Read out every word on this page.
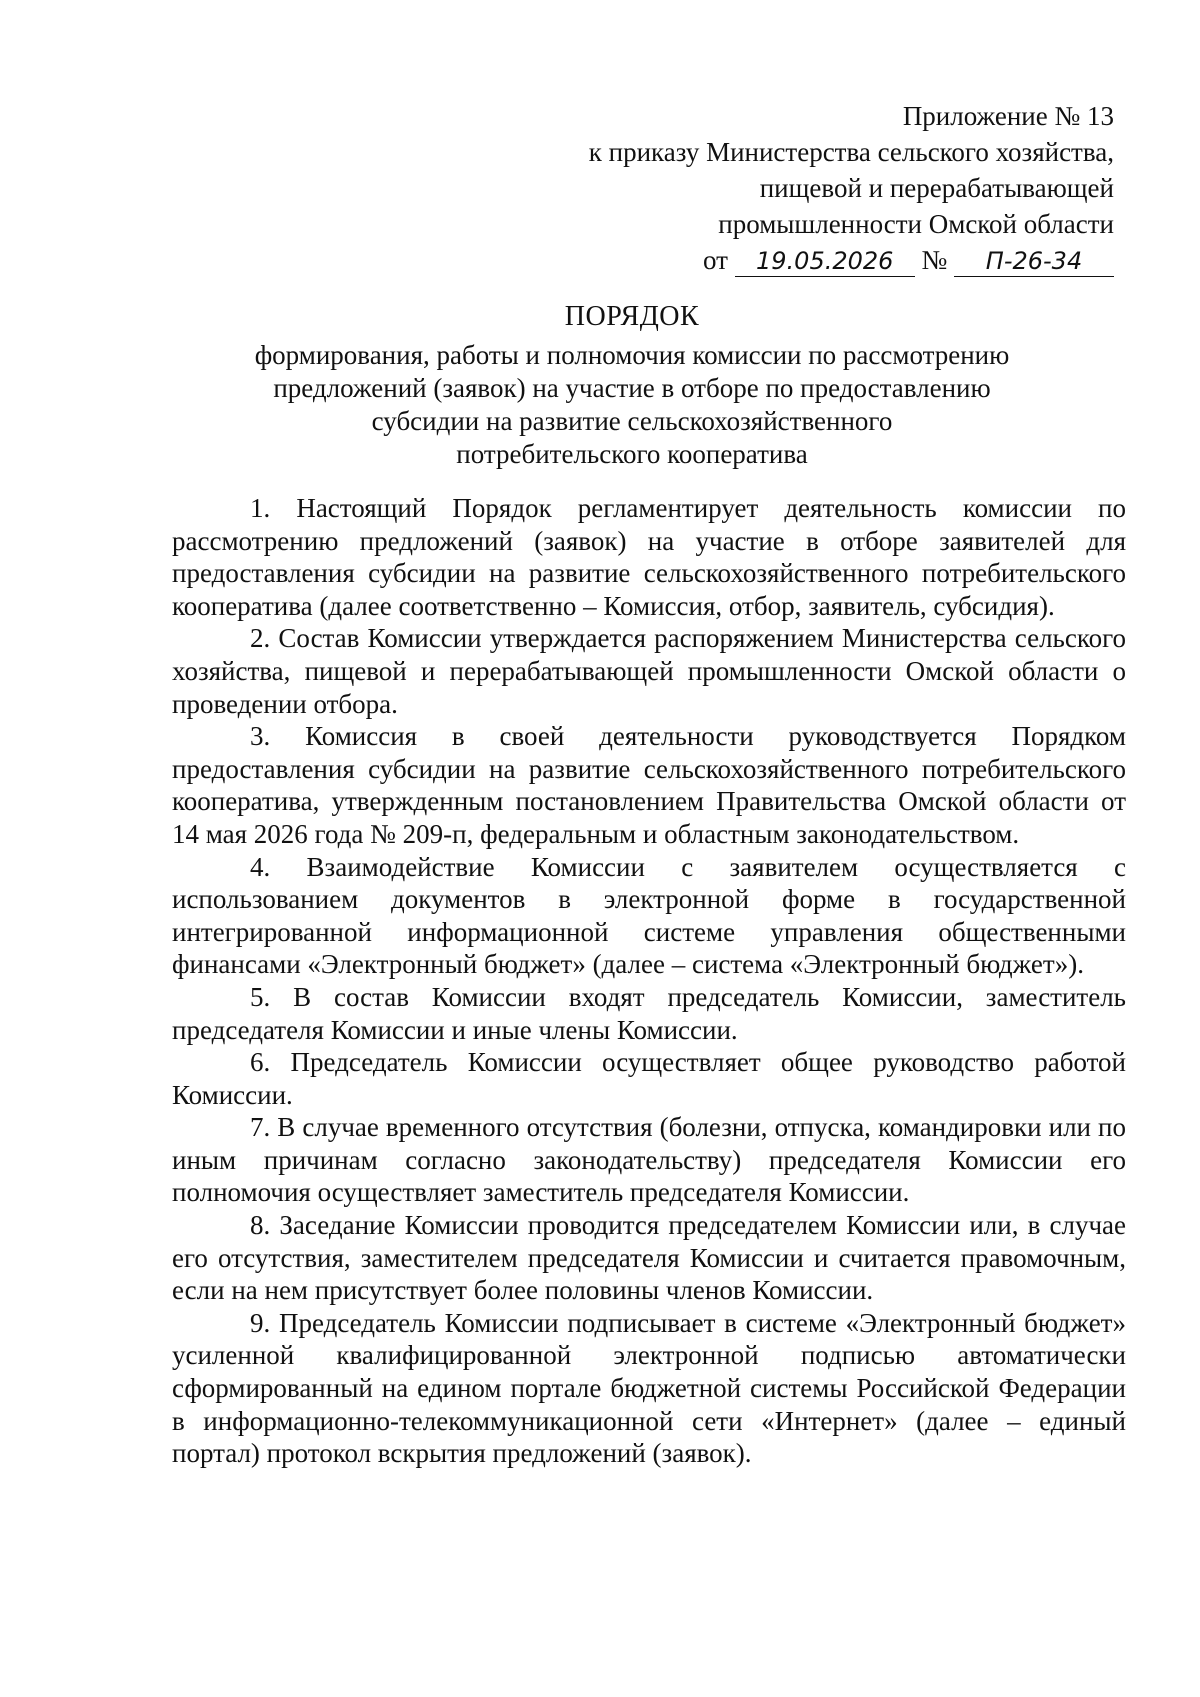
Приложение № 13
к приказу Министерства сельского хозяйства,
пищевой и перерабатывающей
промышленности Омской области
от 19.05.2026 № П-26-34
ПОРЯДОК
формирования, работы и полномочия комиссии по рассмотрению
предложений (заявок) на участие в отборе по предоставлению
субсидии на развитие сельскохозяйственного
потребительского кооператива

1. Настоящий Порядок регламентирует деятельность комиссии по рассмотрению предложений (заявок) на участие в отборе заявителей для предоставления субсидии на развитие сельскохозяйственного потребительского кооператива (далее соответственно – Комиссия, отбор, заявитель, субсидия).

2. Состав Комиссии утверждается распоряжением Министерства сельского хозяйства, пищевой и перерабатывающей промышленности Омской области о проведении отбора.

3. Комиссия в своей деятельности руководствуется Порядком предоставления субсидии на развитие сельскохозяйственного потребительского кооператива, утвержденным постановлением Правительства Омской области от 14 мая 2026 года № 209-п, федеральным и областным законодательством.

4. Взаимодействие Комиссии с заявителем осуществляется с использованием документов в электронной форме в государственной интегрированной информационной системе управления общественными финансами «Электронный бюджет» (далее – система «Электронный бюджет»).

5. В состав Комиссии входят председатель Комиссии, заместитель председателя Комиссии и иные члены Комиссии.

6. Председатель Комиссии осуществляет общее руководство работой Комиссии.

7. В случае временного отсутствия (болезни, отпуска, командировки или по иным причинам согласно законодательству) председателя Комиссии его полномочия осуществляет заместитель председателя Комиссии.

8. Заседание Комиссии проводится председателем Комиссии или, в случае его отсутствия, заместителем председателя Комиссии и считается правомочным, если на нем присутствует более половины членов Комиссии.

9. Председатель Комиссии подписывает в системе «Электронный бюджет» усиленной квалифицированной электронной подписью автоматически сформированный на едином портале бюджетной системы Российской Федерации в информационно-телекоммуникационной сети «Интернет» (далее – единый портал) протокол вскрытия предложений (заявок).
